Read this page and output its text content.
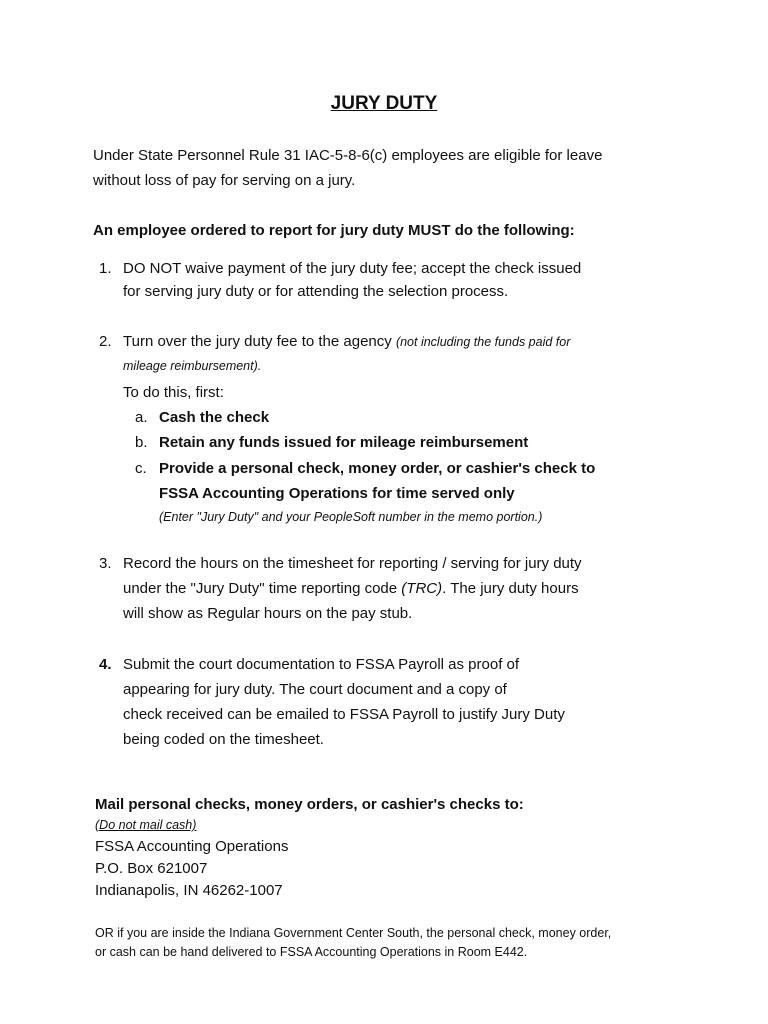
JURY DUTY
Under State Personnel Rule 31 IAC-5-8-6(c) employees are eligible for leave
without loss of pay for serving on a jury.
An employee ordered to report for jury duty MUST do the following:
1. DO NOT waive payment of the jury duty fee; accept the check issued
for serving jury duty or for attending the selection process.
2. Turn over the jury duty fee to the agency (not including the funds paid for
mileage reimbursement).
To do this, first:
a. Cash the check
b. Retain any funds issued for mileage reimbursement
c. Provide a personal check, money order, or cashier's check to
FSSA Accounting Operations for time served only
(Enter "Jury Duty" and your PeopleSoft number in the memo portion.)
3. Record the hours on the timesheet for reporting / serving for jury duty
under the "Jury Duty" time reporting code (TRC). The jury duty hours
will show as Regular hours on the pay stub.
4. Submit the court documentation to FSSA Payroll as proof of
appearing for jury duty. The court document and a copy of
check received can be emailed to FSSA Payroll to justify Jury Duty
being coded on the timesheet.
Mail personal checks, money orders, or cashier's checks to:
(Do not mail cash)
FSSA Accounting Operations
P.O. Box 621007
Indianapolis, IN 46262-1007
OR if you are inside the Indiana Government Center South, the personal check, money order,
or cash can be hand delivered to FSSA Accounting Operations in Room E442.
